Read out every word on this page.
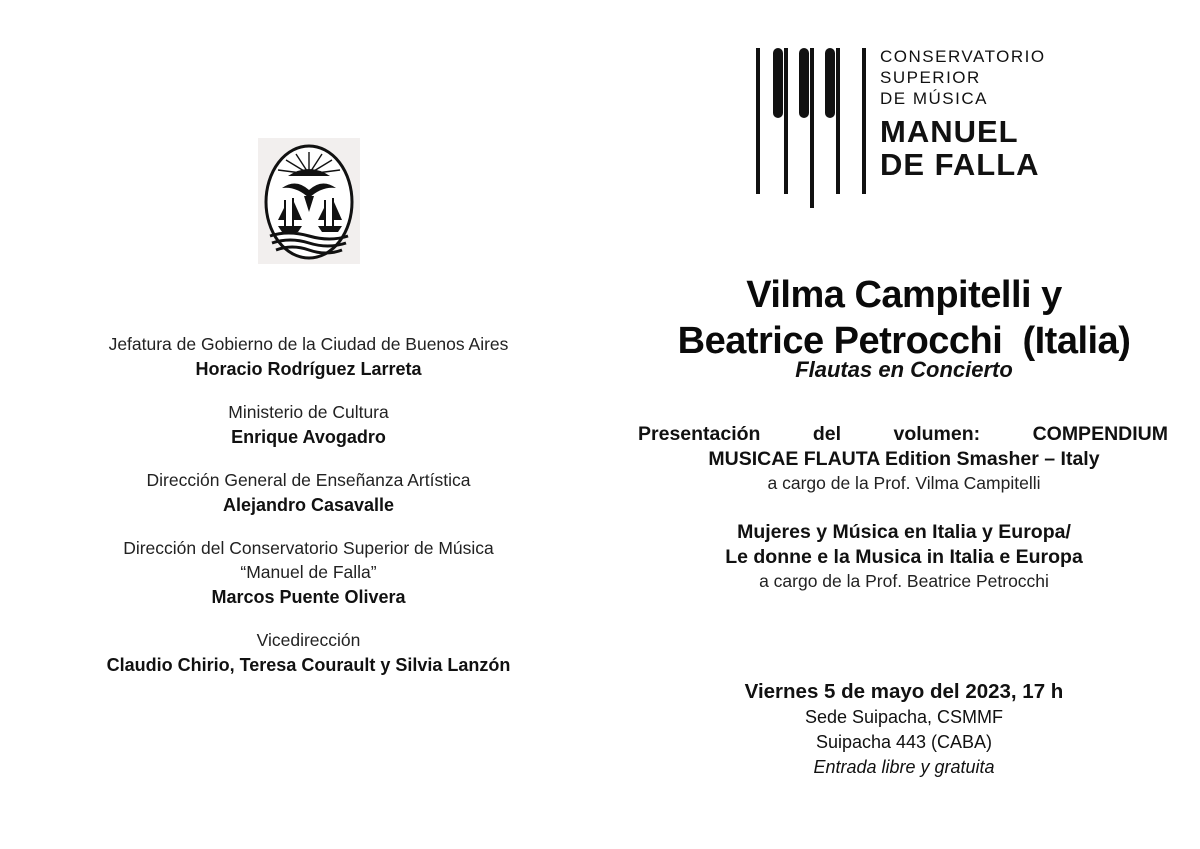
Jefatura de Gobierno de la Ciudad de Buenos Aires
Horacio Rodríguez Larreta
Ministerio de Cultura
Enrique Avogadro
Dirección General de Enseñanza Artística
Alejandro Casavalle
Dirección del Conservatorio Superior de Música
“Manuel de Falla”
Marcos Puente Olivera
Vicedirección
Claudio Chirio, Teresa Courault y Silvia Lanzón
CONSERVATORIO
SUPERIOR
DE MÚSICA
MANUEL
DE FALLA
Vilma Campitelli y
Beatrice Petrocchi  (Italia)
Flautas en Concierto
Presentación	del	volumen:	COMPENDIUM
MUSICAE FLAUTA Edition Smasher – Italy
a cargo de la Prof. Vilma Campitelli
Mujeres y Música en Italia y Europa/
Le donne e la Musica in Italia e Europa
a cargo de la Prof. Beatrice Petrocchi
Viernes 5 de mayo del 2023, 17 h
Sede Suipacha, CSMMF
Suipacha 443 (CABA)
Entrada libre y gratuita
